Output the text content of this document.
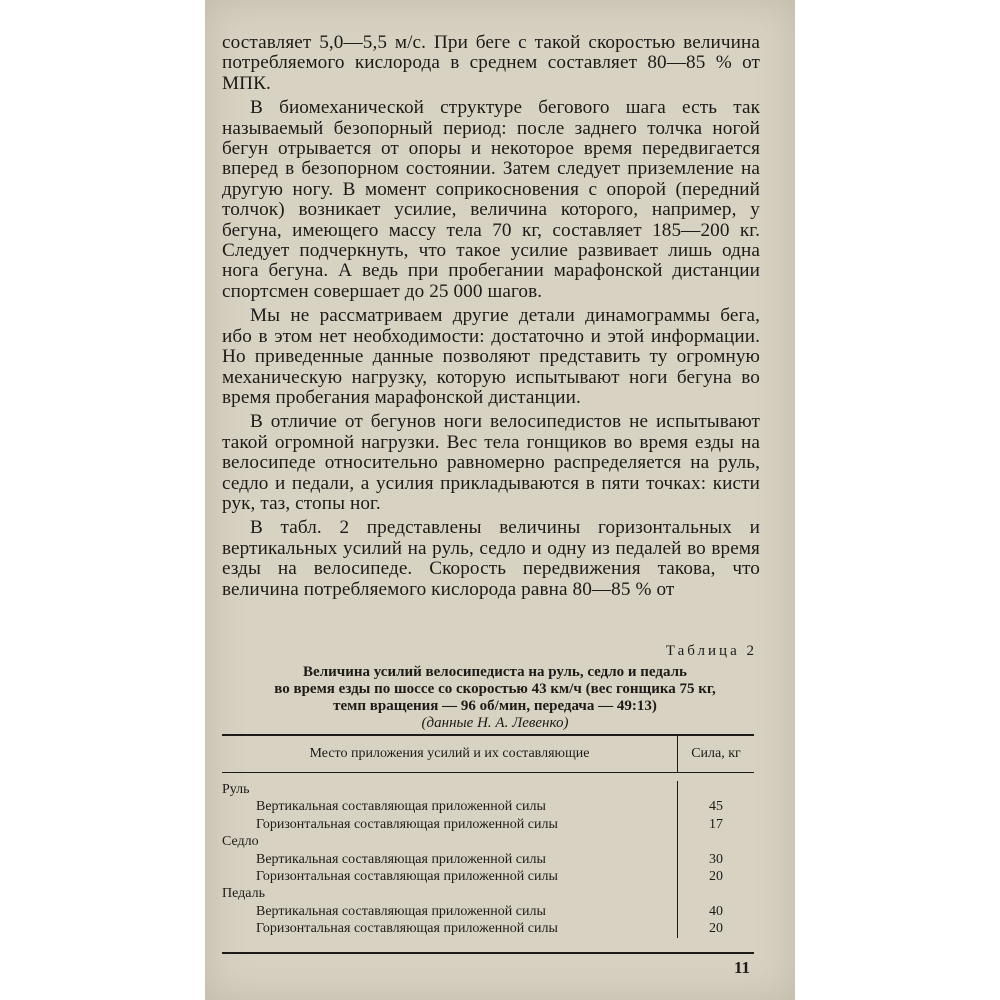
составляет 5,0—5,5 м/с. При беге с такой скоростью величина потребляемого кислорода в среднем составляет 80—85 % от МПК.

В биомеханической структуре бегового шага есть так называемый безопорный период: после заднего толчка ногой бегун отрывается от опоры и некоторое время передвигается вперед в безопорном состоянии. Затем следует приземление на другую ногу. В момент соприкосновения с опорой (передний толчок) возникает усилие, величина которого, например, у бегуна, имеющего массу тела 70 кг, составляет 185—200 кг. Следует подчеркнуть, что такое усилие развивает лишь одна нога бегуна. А ведь при пробегании марафонской дистанции спортсмен совершает до 25 000 шагов.

Мы не рассматриваем другие детали динамограммы бега, ибо в этом нет необходимости: достаточно и этой информации. Но приведенные данные позволяют представить ту огромную механическую нагрузку, которую испытывают ноги бегуна во время пробегания марафонской дистанции.

В отличие от бегунов ноги велосипедистов не испытывают такой огромной нагрузки. Вес тела гонщиков во время езды на велосипеде относительно равномерно распределяется на руль, седло и педали, а усилия прикладываются в пяти точках: кисти рук, таз, стопы ног.

В табл. 2 представлены величины горизонтальных и вертикальных усилий на руль, седло и одну из педалей во время езды на велосипеде. Скорость передвижения такова, что величина потребляемого кислорода равна 80—85 % от

Таблица 2
Величина усилий велосипедиста на руль, седло и педаль
во время езды по шоссе со скоростью 43 км/ч (вес гонщика 75 кг,
темп вращения — 96 об/мин, передача — 49:13)
(данные Н. А. Левенко)
Место приложения усилий и их составляющие	Сила, кг
Руль
Вертикальная составляющая приложенной силы
Горизонтальная составляющая приложенной силы
Седло
Вертикальная составляющая приложенной силы
Горизонтальная составляющая приложенной силы
Педаль
Вертикальная составляющая приложенной силы
Горизонтальная составляющая приложенной силы
45
17
30
20
40
20
11
